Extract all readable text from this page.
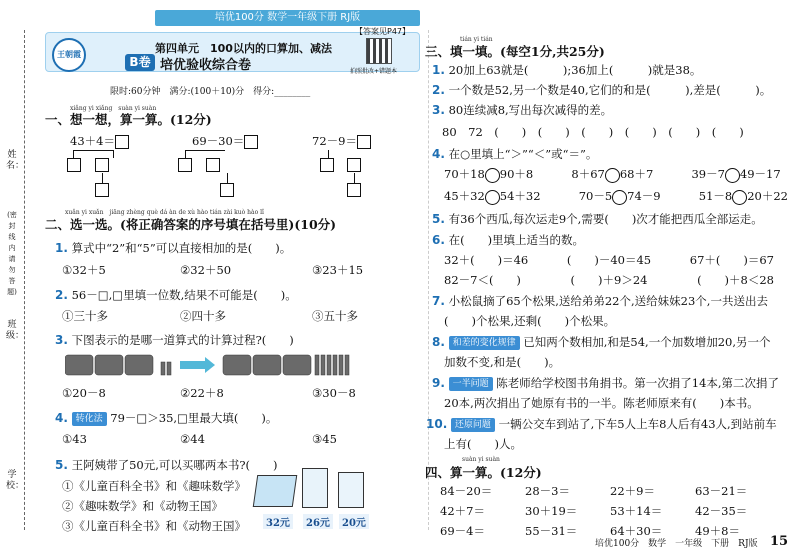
培优100分 数学一年级下册 RJ版
王朝霞	第四单元　100以内的口算加、减法
B卷 培优验收综合卷
【答案见P47】
拍照批改+错题本
限时:60分钟　满分:(100＋10)分　得分:________
姓名：
(密封线内请勿答题)
班级：
学校：
xiǎng yi xiǎng　suàn yi suàn
一、想一想，算一算。(12分)
43＋4＝	69－30＝	72－9＝
xuǎn yi xuǎn　jiāng zhèng què dá àn de xù hào tián zài kuò hào lǐ
二、选一选。(将正确答案的序号填在括号里)(10分)
1. 算式中“2”和“5”可以直接相加的是(　　)。
①32＋5	②32＋50	③23＋15
2. 56－□,□里填一位数,结果不可能是(　　)。
①三十多	②四十多	③五十多
3. 下图表示的是哪一道算式的计算过程?(　　)
①20－8	②22＋8	③30－8
4. 转化法 79－□＞35,□里最大填(　　)。
①43	②44	③45
5. 王阿姨带了50元,可以买哪两本书?(　　)
①《儿童百科全书》和《趣味数学》
②《趣味数学》和《动物王国》
③《儿童百科全书》和《动物王国》	32元	26元	20元
tián yi tián
三、填一填。(每空1分,共25分)
1. 20加上63就是(　　　);36加上(　　　)就是38。
2. 一个数是52,另一个数是40,它们的和是(　　　),差是(　　　)。
3. 80连续减8,写出每次减得的差。
80　 72　 (　　)　 (　　)　 (　　)　 (　　)　 (　　)　 (　　)
4. 在○里填上“＞”“＜”或“＝”。
70＋18 90＋8　　　	8＋67 68＋7　　　	39－7 49－17
45＋32 54＋32　　　	70－5 74－9　　　	51－8 20＋22
5. 有36个西瓜,每次运走9个,需要(　　)次才能把西瓜全部运走。
6. 在(　　)里填上适当的数。
32＋(　　)＝46	(　　)－40＝45	67＋(　　)＝67
82－7＜(　　)	(　　)＋9＞24	(　　)＋8＜28
7. 小松鼠摘了65个松果,送给弟弟22个,送给妹妹23个,一共送出去
(　　)个松果,还剩(　　)个松果。
8. 和差的变化规律 已知两个数相加,和是54,一个加数增加20,另一个
加数不变,和是(　　)。
9. 一半问题 陈老师给学校图书角捐书。第一次捐了14本,第二次捐了
20本,两次捐出了她原有书的一半。陈老师原来有(　　)本书。
10. 还原问题 一辆公交车到站了,下车5人上车8人后有43人,到站前车
上有(　　)人。
suàn yi suàn
四、算一算。(12分)
84－20＝	28－3＝	22＋9＝	63－21＝
42＋7＝	30＋19＝	53＋14＝	42－35＝
69－4＝	55－31＝	64＋30＝	49＋8＝
培优100分　数学　一年级　下册　RJ版 15
